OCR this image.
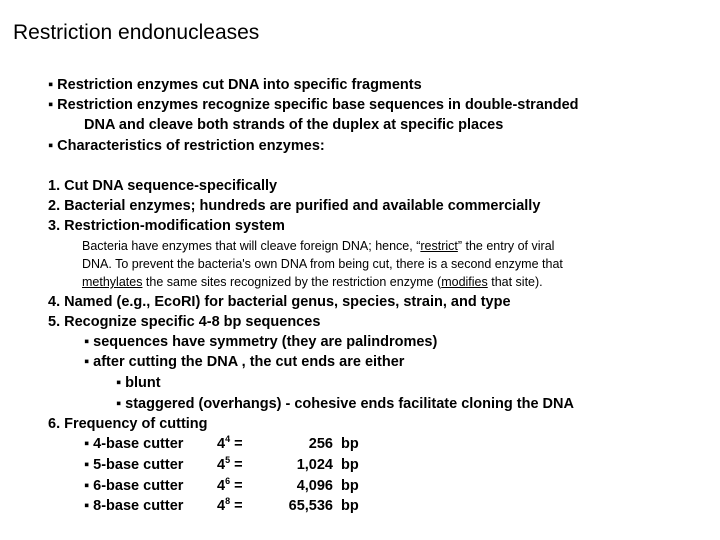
Restriction endonucleases
▪ Restriction enzymes cut DNA into specific fragments
▪ Restriction enzymes recognize specific base sequences in double-stranded
DNA and cleave both strands of the duplex at specific places
▪ Characteristics of restriction enzymes:
1. Cut DNA sequence-specifically
2. Bacterial enzymes; hundreds are purified and available commercially
3. Restriction-modification system
Bacteria have enzymes that will cleave foreign DNA; hence, “restrict” the entry of viral
DNA. To prevent the bacteria's own DNA from being cut, there is a second enzyme that
methylates the same sites recognized by the restriction enzyme (modifies that site).
4. Named (e.g., EcoRI) for bacterial genus, species, strain, and type
5. Recognize specific 4-8 bp sequences
▪ sequences have symmetry (they are palindromes)
▪ after cutting the DNA , the cut ends are either
▪ blunt
▪ staggered (overhangs) - cohesive ends facilitate cloning the DNA
6. Frequency of cutting
▪ 4-base cutter $4^4$ =	256 bp
▪ 5-base cutter $4^5$ =	1,024 bp
▪ 6-base cutter $4^6$ =	4,096 bp
▪ 8-base cutter $4^8$ =	65,536 bp
